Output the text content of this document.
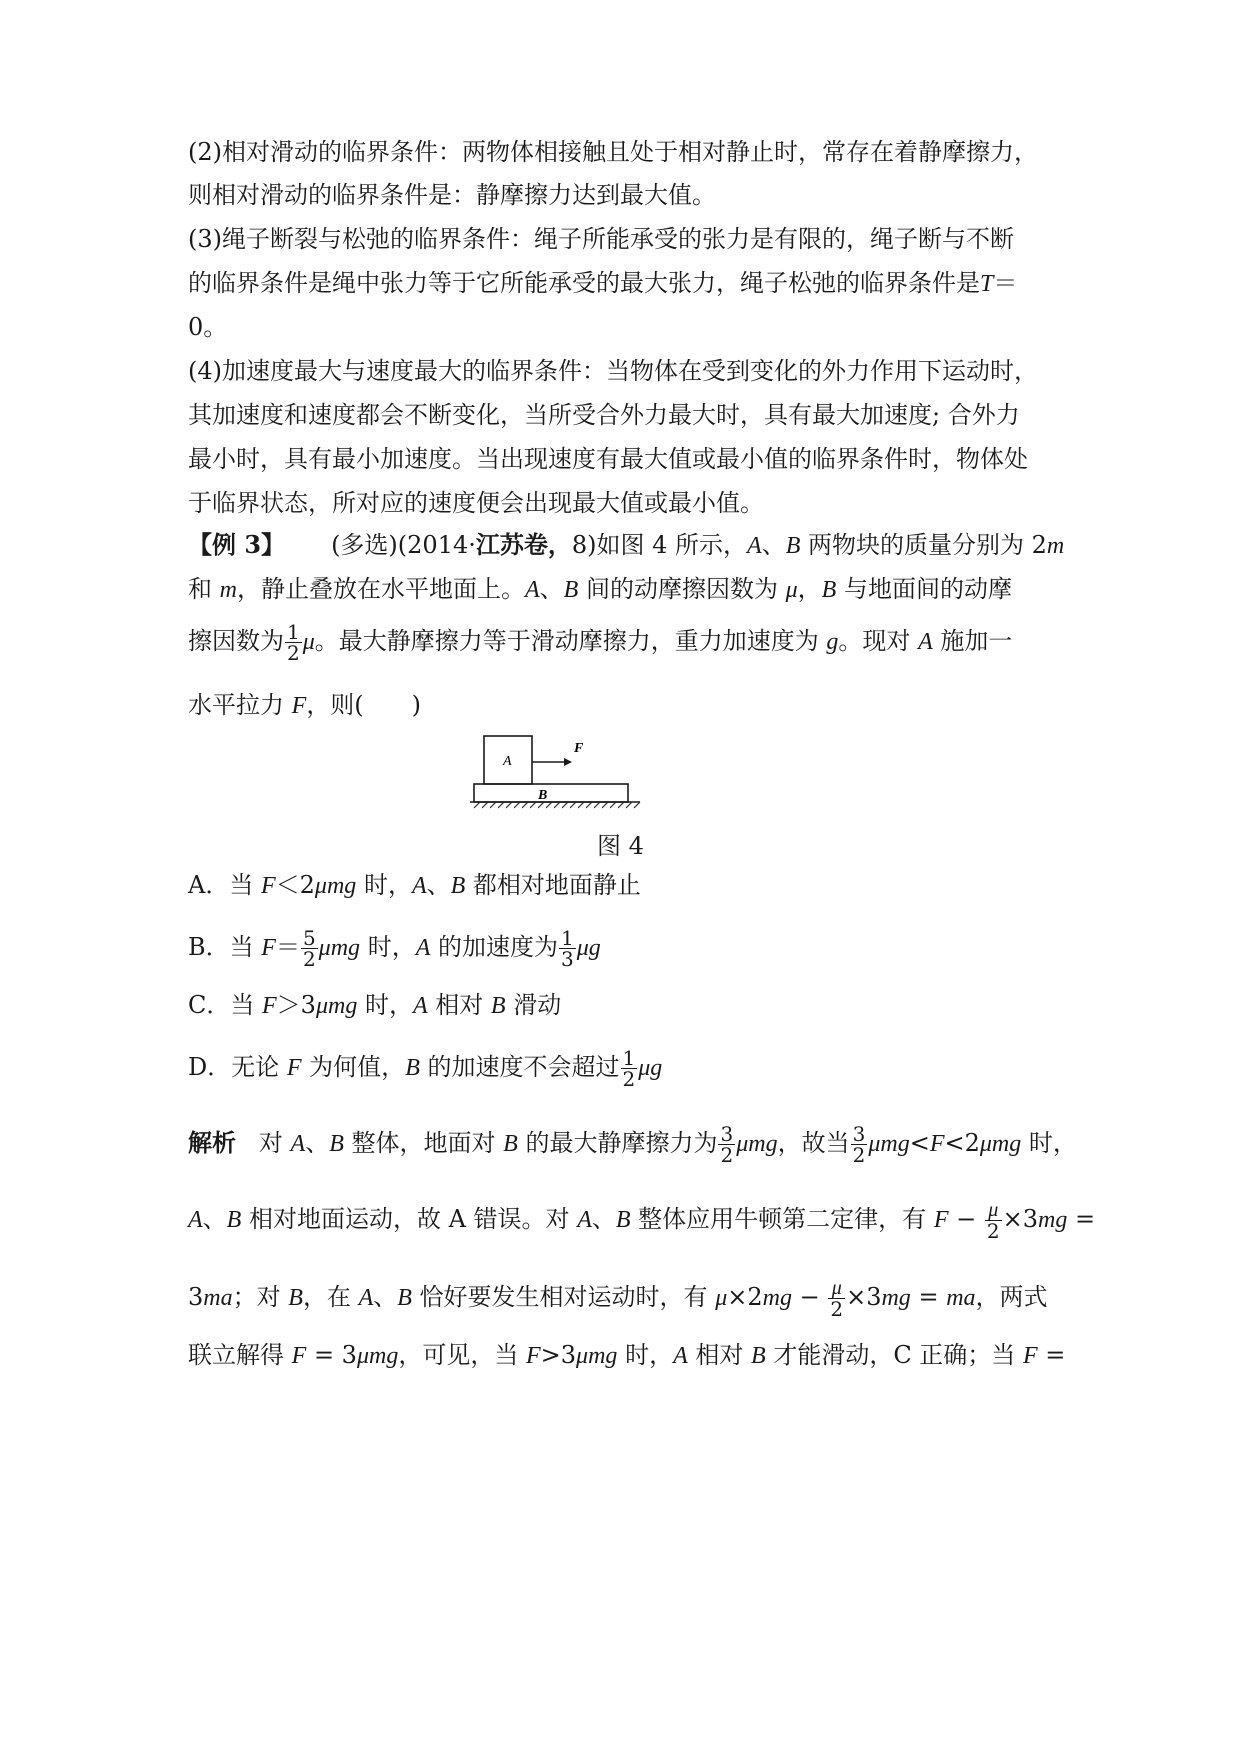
(2)相对滑动的临界条件：两物体相接触且处于相对静止时，常存在着静摩擦力，
则相对滑动的临界条件是：静摩擦力达到最大值。
(3)绳子断裂与松弛的临界条件：绳子所能承受的张力是有限的，绳子断与不断
的临界条件是绳中张力等于它所能承受的最大张力，绳子松弛的临界条件是T＝
0。
(4)加速度最大与速度最大的临界条件：当物体在受到变化的外力作用下运动时，
其加速度和速度都会不断变化，当所受合外力最大时，具有最大加速度; 合外力
最小时，具有最小加速度。当出现速度有最大值或最小值的临界条件时，物体处
于临界状态，所对应的速度便会出现最大值或最小值。
【例 3】 (多选)(2014·江苏卷，8)如图 4 所示，A、B 两物块的质量分别为 2m
和 m，静止叠放在水平地面上。A、B 间的动摩擦因数为 μ，B 与地面间的动摩
擦因数为 $\frac{1}{2}$ μ。最大静摩擦力等于滑动摩擦力，重力加速度为 g。现对 A 施加一
水平拉力 F，则(　　)
A
F
B
图 4
A．当 F＜2μmg 时，A、B 都相对地面静止
B．当 $F= \frac{5}{2}$ μmg 时，A 的加速度为 $\frac{1}{3}$ μg
C．当 F＞3μmg 时，A 相对 B 滑动
D．无论 F 为何值，B 的加速度不会超过 $\frac{1}{2}$ μg
解析 对 A、B 整体，地面对 B 的最大静摩擦力为 $\frac{3}{2}$ μmg，故当 $\frac{3}{2} \mu mg<F<2\mu mg$ 时，
A、B 相对地面运动，故 A 错误。对 A、B 整体应用牛顿第二定律，有 $F - \frac{\mu}{2} \times 3mg$ =
3ma；对 B，在 A、B 恰好要发生相对运动时，有 $\mu\times 2mg - \frac{\mu}{2} \times 3mg$ = ma，两式
联立解得 F = 3μmg，可见，当 F>3μmg 时，A 相对 B 才能滑动，C 正确；当 F =
